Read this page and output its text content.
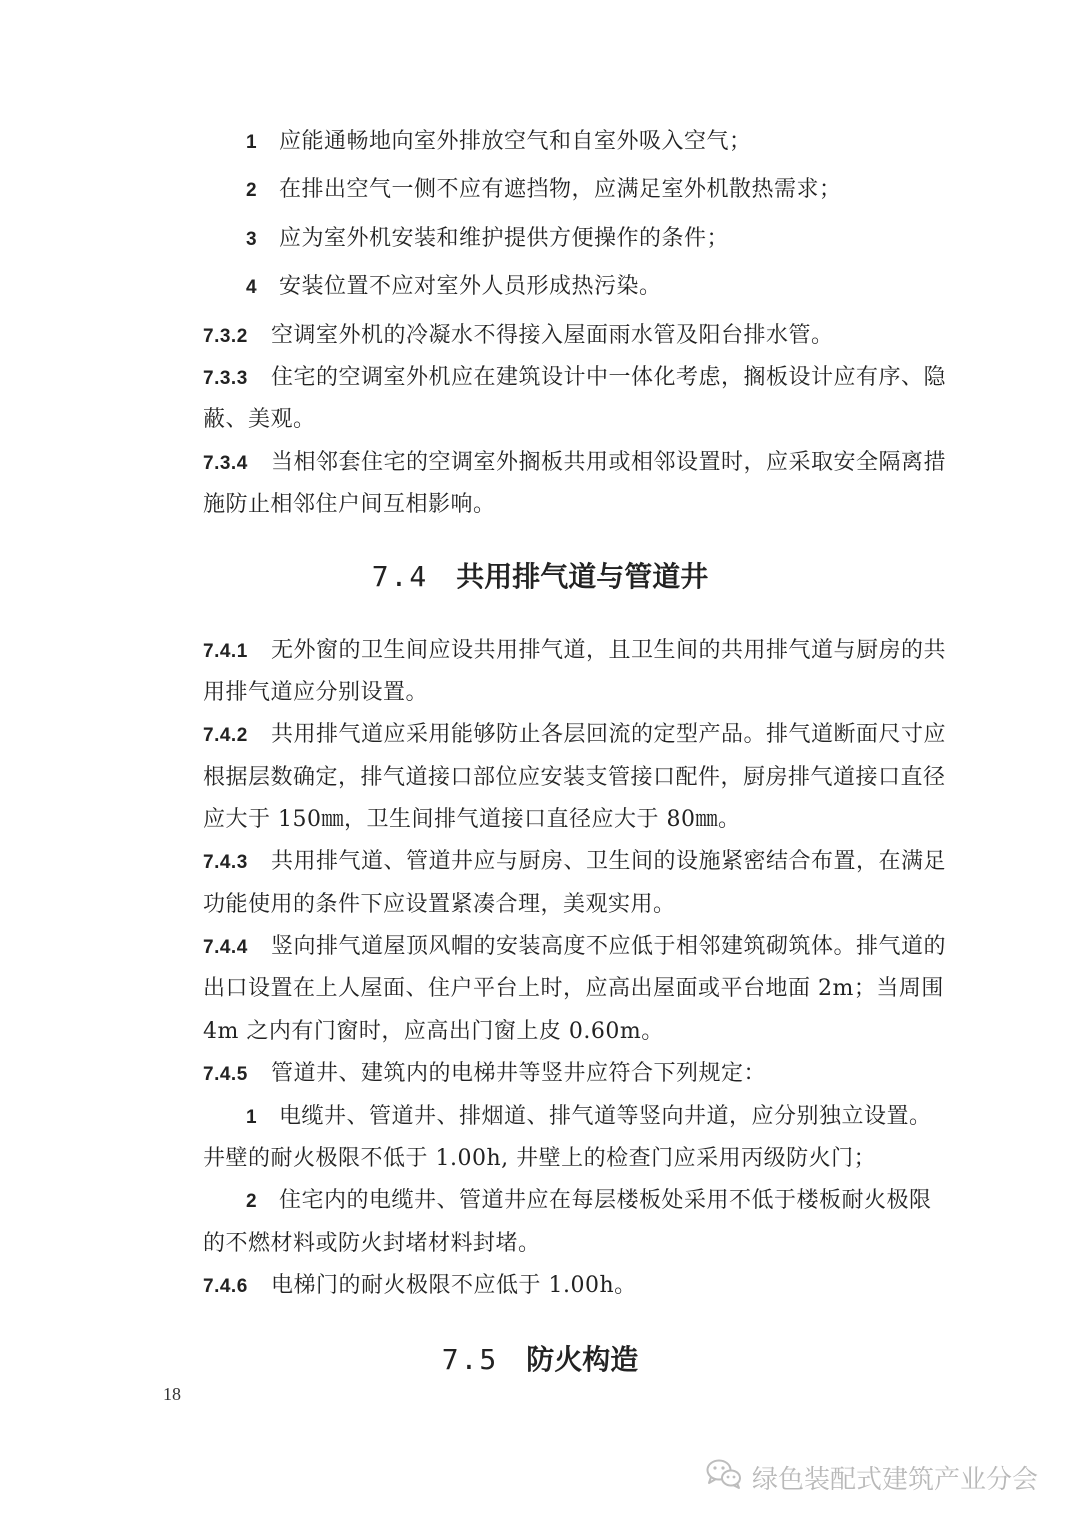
1 应能通畅地向室外排放空气和自室外吸入空气；
2 在排出空气一侧不应有遮挡物，应满足室外机散热需求；
3 应为室外机安装和维护提供方便操作的条件；
4 安装位置不应对室外人员形成热污染。
7.3.2 空调室外机的冷凝水不得接入屋面雨水管及阳台排水管。
7.3.3 住宅的空调室外机应在建筑设计中一体化考虑，搁板设计应有序、隐
蔽、美观。
7.3.4 当相邻套住宅的空调室外搁板共用或相邻设置时，应采取安全隔离措
施防止相邻住户间互相影响。
7.4 共用排气道与管道井
7.4.1 无外窗的卫生间应设共用排气道，且卫生间的共用排气道与厨房的共
用排气道应分别设置。
7.4.2 共用排气道应采用能够防止各层回流的定型产品。排气道断面尺寸应
根据层数确定，排气道接口部位应安装支管接口配件，厨房排气道接口直径
应大于 150㎜，卫生间排气道接口直径应大于 80㎜。
7.4.3 共用排气道、管道井应与厨房、卫生间的设施紧密结合布置，在满足
功能使用的条件下应设置紧凑合理，美观实用。
7.4.4 竖向排气道屋顶风帽的安装高度不应低于相邻建筑砌筑体。排气道的
出口设置在上人屋面、住户平台上时，应高出屋面或平台地面 2m；当周围
4m 之内有门窗时，应高出门窗上皮 0.60m。
7.4.5 管道井、建筑内的电梯井等竖井应符合下列规定：
1 电缆井、管道井、排烟道、排气道等竖向井道，应分别独立设置。
井壁的耐火极限不低于 1.00h, 井壁上的检查门应采用丙级防火门；
2 住宅内的电缆井、管道井应在每层楼板处采用不低于楼板耐火极限
的不燃材料或防火封堵材料封堵。
7.4.6 电梯门的耐火极限不应低于 1.00h。
7.5 防火构造
18
绿色装配式建筑产业分会
